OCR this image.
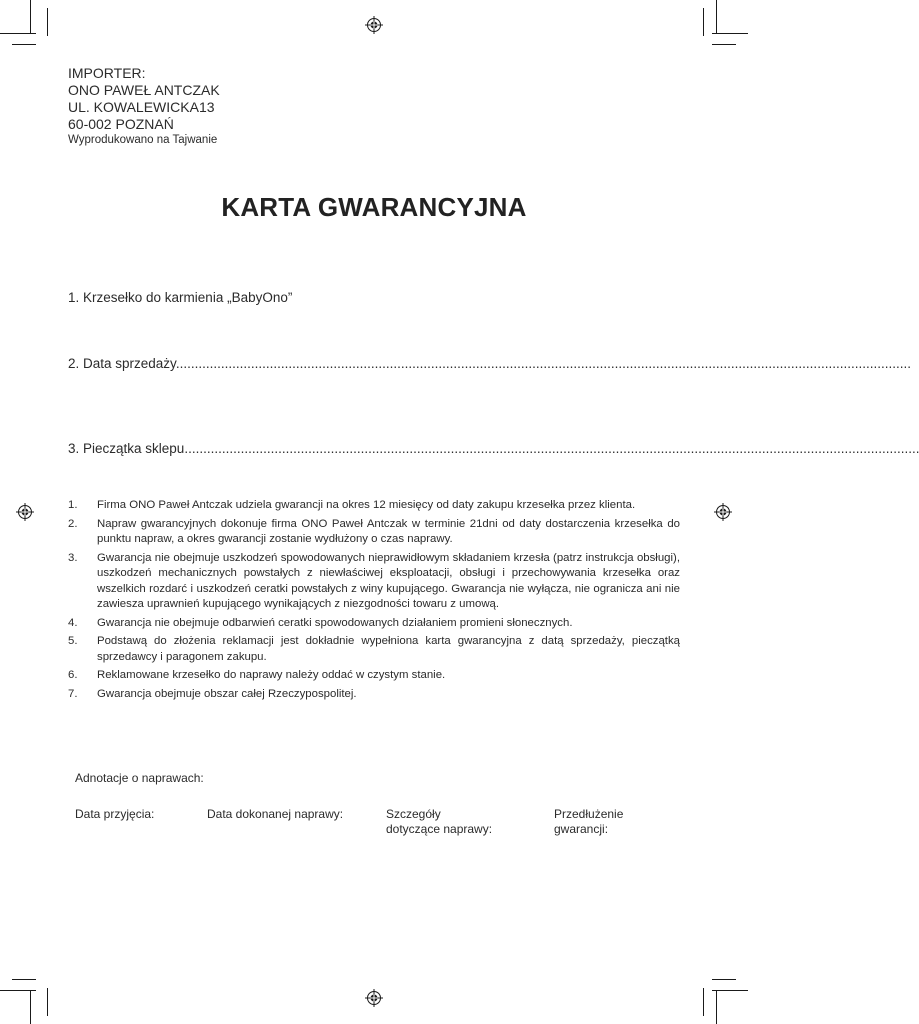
IMPORTER:
ONO PAWEŁ ANTCZAK
UL. KOWALEWICKA13
60-002 POZNAŃ
Wyprodukowano na Tajwanie
KARTA GWARANCYJNA
1. Krzesełko do karmienia „BabyOno”
2. Data sprzedaży....................................................................................................................................................................................................
3. Pieczątka sklepu....................................................................................................................................................................................................
1. Firma ONO Paweł Antczak udziela gwarancji na okres 12 miesięcy od daty zakupu krzesełka przez klienta.
2. Napraw gwarancyjnych dokonuje firma ONO Paweł Antczak w terminie 21dni od daty dostarczenia krzesełka do punktu napraw, a okres gwarancji zostanie wydłużony o czas naprawy.
3. Gwarancja nie obejmuje uszkodzeń spowodowanych nieprawidłowym składaniem krzesła (patrz instrukcja obsługi), uszkodzeń mechanicznych powstałych z niewłaściwej eksploatacji, obsługi i przechowywania krzesełka oraz wszelkich rozdarć i uszkodzeń ceratki powstałych z winy kupującego. Gwarancja nie wyłącza, nie ogranicza ani nie zawiesza uprawnień kupującego wynikających z niezgodności towaru z umową.
4. Gwarancja nie obejmuje odbarwień ceratki spowodowanych działaniem promieni słonecznych.
5. Podstawą do złożenia reklamacji jest dokładnie wypełniona karta gwarancyjna z datą sprzedaży, pieczątką sprzedawcy i paragonem zakupu.
6. Reklamowane krzesełko do naprawy należy oddać w czystym stanie.
7. Gwarancja obejmuje obszar całej Rzeczypospolitej.
Adnotacje o naprawach:
Data przyjęcia:	Data dokonanej naprawy:	Szczegóły
dotyczące naprawy:
Przedłużenie
gwarancji:
